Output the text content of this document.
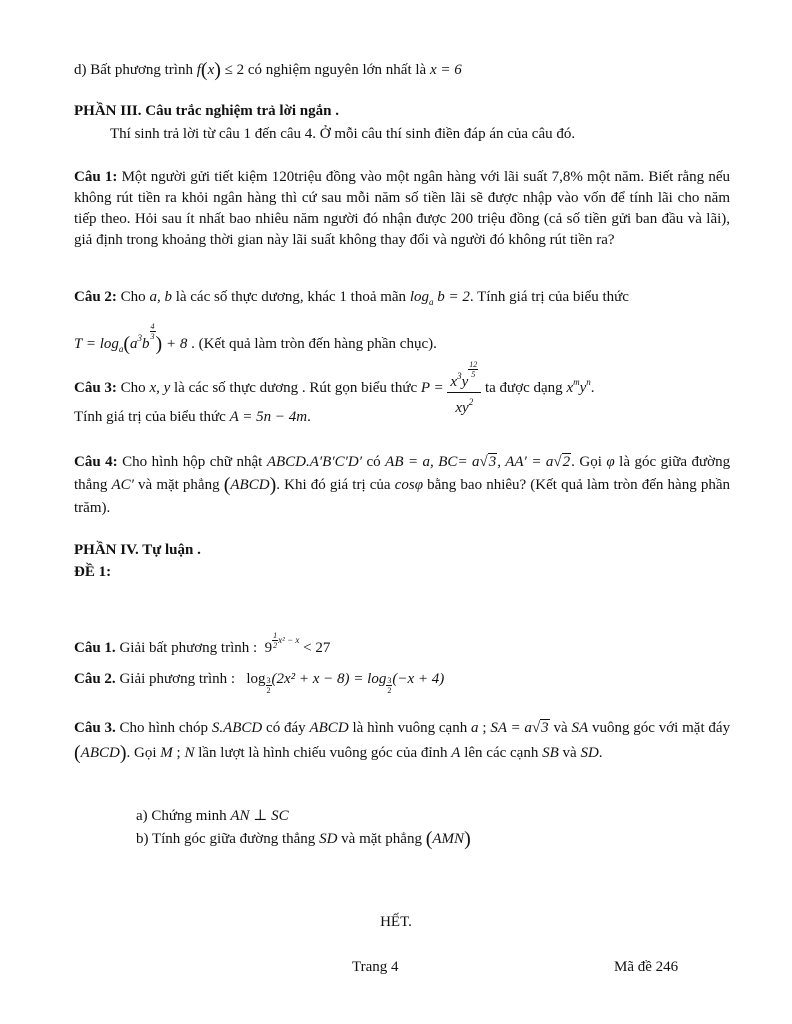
d) Bất phương trình f(x) ≤ 2 có nghiệm nguyên lớn nhất là x = 6
PHẦN III. Câu trắc nghiệm trả lời ngắn .
Thí sinh trả lời từ câu 1 đến câu 4. Ở mỗi câu thí sinh điền đáp án của câu đó.
Câu 1: Một người gửi tiết kiệm 120triệu đồng vào một ngân hàng với lãi suất 7,8% một năm. Biết rằng nếu không rút tiền ra khỏi ngân hàng thì cứ sau mỗi năm số tiền lãi sẽ được nhập vào vốn để tính lãi cho năm tiếp theo. Hỏi sau ít nhất bao nhiêu năm người đó nhận được 200 triệu đồng (cả số tiền gửi ban đầu và lãi), giả định trong khoảng thời gian này lãi suất không thay đổi và người đó không rút tiền ra?
Câu 2: Cho a, b là các số thực dương, khác 1 thoả mãn $\log_a b = 2$. Tính giá trị của biểu thức
$T = \log_a(a^3b$
$\frac{4}{3}$
) + 8 . (Kết quả làm tròn đến hàng phần chục).
Câu 3: Cho x, y là các số thực dương . Rút gọn biểu thức $P = x^3y$
$\frac{12}{5}$
$xy^2$ ta được dạng $x^my^n$.
Tính giá trị của biểu thức A = 5n − 4m.
Câu 4: Cho hình hộp chữ nhật ABCD.A′B′C′D′ có AB = a, BC= a√3, AA′ = a√2. Gọi φ là góc giữa đường thẳng AC′ và mặt phẳng (ABCD). Khi đó giá trị của cosφ bằng bao nhiêu? (Kết quả làm tròn đến hàng phần trăm).
PHẦN IV. Tự luận .
ĐỀ 1:
Câu 1. Giải bất phương trình : 9 $^{\frac{1}{2} x^2 - x}$ < 27
Câu 2. Giải phương trình : $\log \frac{3}{2} (2x^2 + x - 8) = \log \frac{3}{2} (-x + 4)$
Câu 3. Cho hình chóp S.ABCD có đáy ABCD là hình vuông cạnh a ; SA = a√3 và SA vuông góc với mặt đáy (ABCD). Gọi M ; N lần lượt là hình chiếu vuông góc của đỉnh A lên các cạnh SB và SD.
a) Chứng minh AN ⊥ SC
b) Tính góc giữa đường thẳng SD và mặt phẳng (AMN)
HẾT.
Trang 4	Mã đề 246
